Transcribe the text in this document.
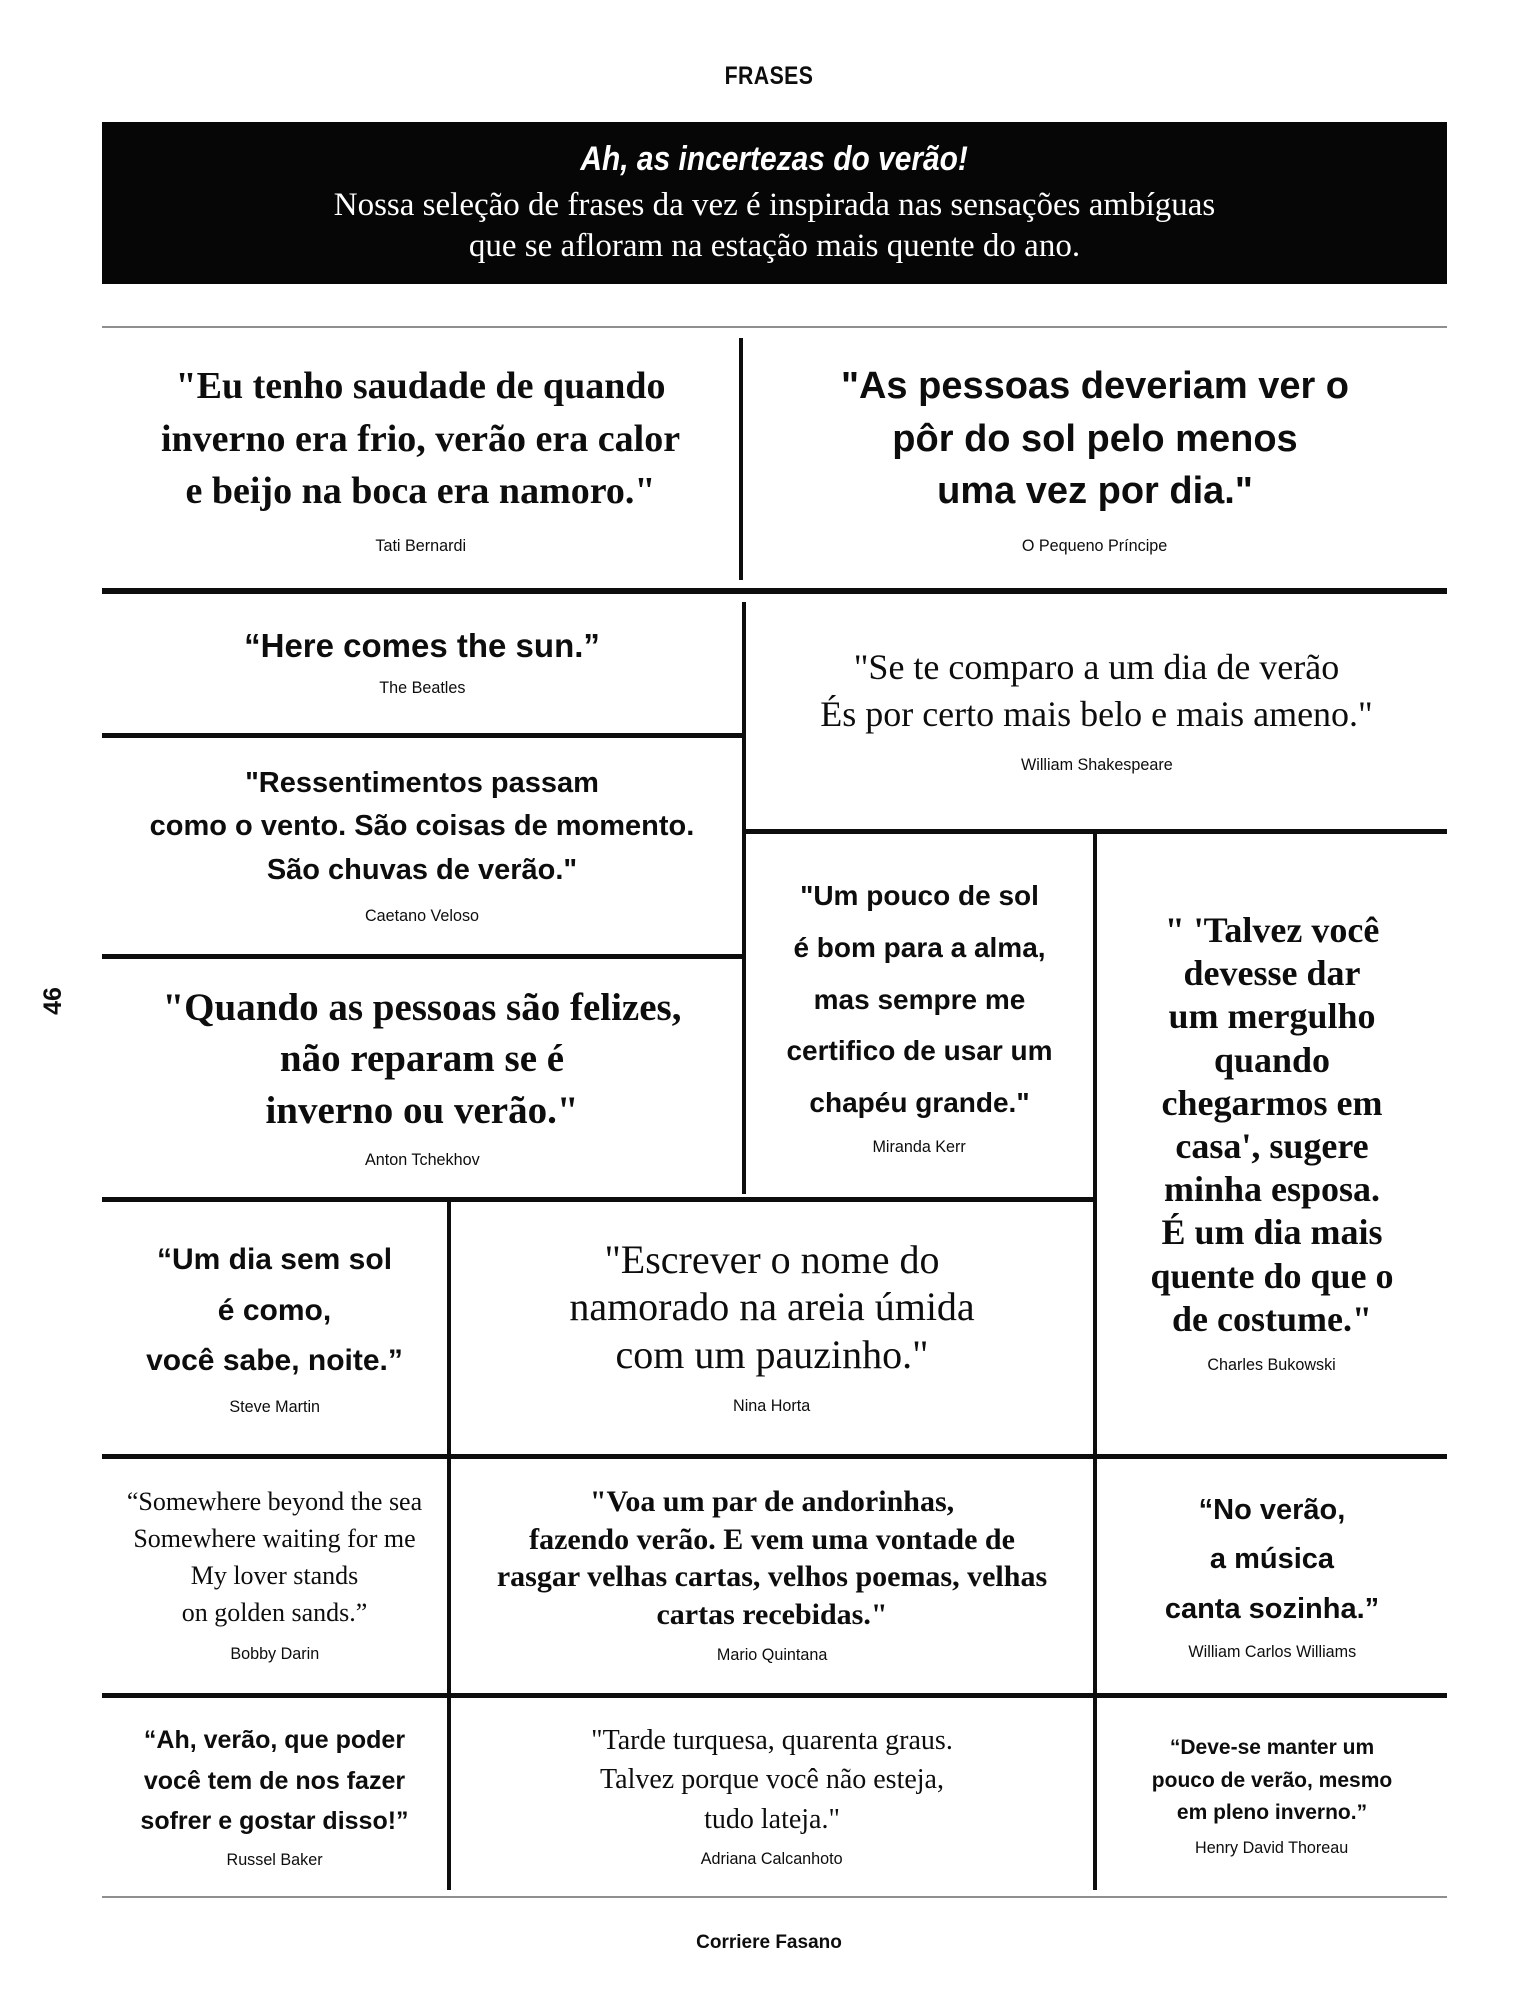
FRASES
Ah, as incertezas do verão!
Nossa seleção de frases da vez é inspirada nas sensações ambíguas
que se afloram na estação mais quente do ano.
"Eu tenho saudade de quando
inverno era frio, verão era calor
e beijo na boca era namoro."
Tati Bernardi
"As pessoas deveriam ver o
pôr do sol pelo menos
uma vez por dia."
O Pequeno Príncipe
“Here comes the sun.”
The Beatles
"Ressentimentos passam
como o vento. São coisas de momento.
São chuvas de verão."
Caetano Veloso
"Se te comparo a um dia de verão
És por certo mais belo e mais ameno."
William Shakespeare
"Quando as pessoas são felizes,
não reparam se é
inverno ou verão."
Anton Tchekhov
"Um pouco de sol
é bom para a alma,
mas sempre me
certifico de usar um
chapéu grande."
Miranda Kerr
" 'Talvez você
devesse dar
um mergulho
quando
chegarmos em
casa', sugere
minha esposa.
É um dia mais
quente do que o
de costume."
Charles Bukowski
“Um dia sem sol
é como,
você sabe, noite.”
Steve Martin
"Escrever o nome do
namorado na areia úmida
com um pauzinho."
Nina Horta
“Somewhere beyond the sea
Somewhere waiting for me
My lover stands
on golden sands.”
Bobby Darin
"Voa um par de andorinhas,
fazendo verão. E vem uma vontade de
rasgar velhas cartas, velhos poemas, velhas
cartas recebidas."
Mario Quintana
“No verão,
a música
canta sozinha.”
William Carlos Williams
“Ah, verão, que poder
você tem de nos fazer
sofrer e gostar disso!”
Russel Baker
"Tarde turquesa, quarenta graus.
Talvez porque você não esteja,
tudo lateja."
Adriana Calcanhoto
“Deve-se manter um
pouco de verão, mesmo
em pleno inverno.”
Henry David Thoreau
46
Corriere Fasano
